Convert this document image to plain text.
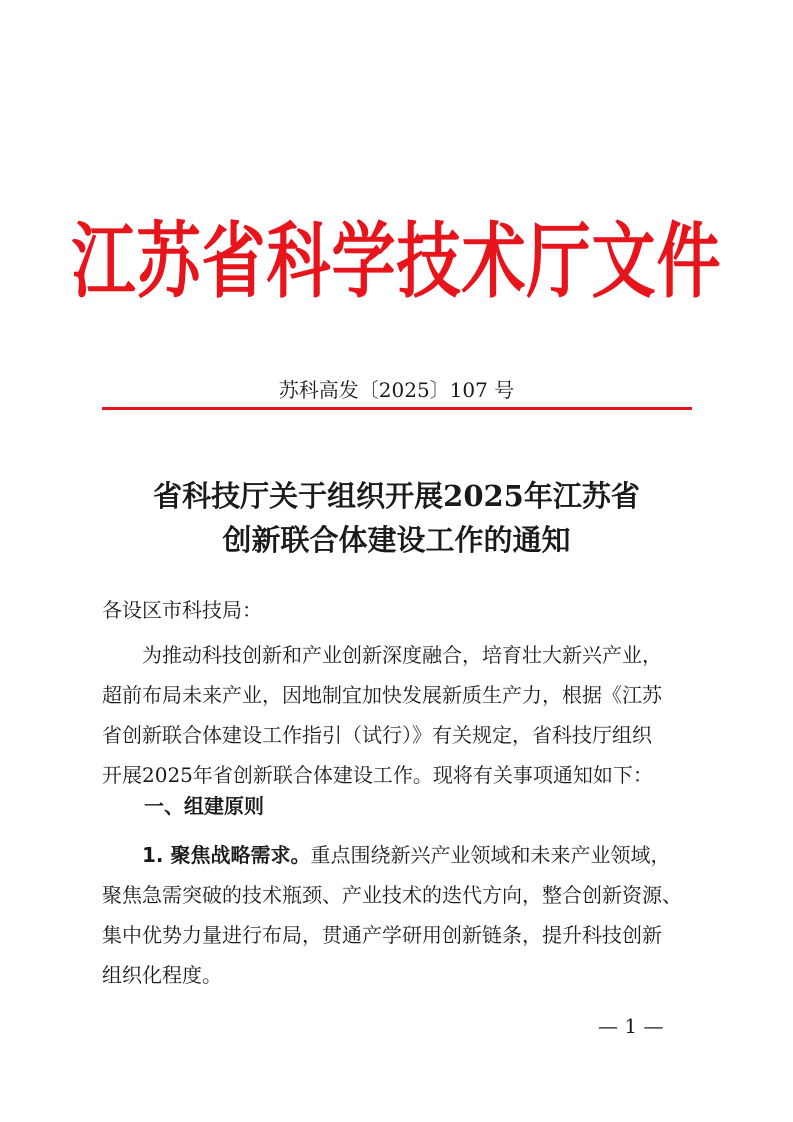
江苏省科学技术厅文件
苏科高发〔2025〕107 号
省科技厅关于组织开展2025年江苏省
创新联合体建设工作的通知
各设区市科技局：
为推动科技创新和产业创新深度融合，培育壮大新兴产业，
超前布局未来产业，因地制宜加快发展新质生产力，根据《江苏
省创新联合体建设工作指引（试行）》有关规定，省科技厅组织
开展2025年省创新联合体建设工作。现将有关事项通知如下：
一、组建原则
1. 聚焦战略需求。重点围绕新兴产业领域和未来产业领域，
聚焦急需突破的技术瓶颈、产业技术的迭代方向，整合创新资源、
集中优势力量进行布局，贯通产学研用创新链条，提升科技创新
组织化程度。
— 1 —
